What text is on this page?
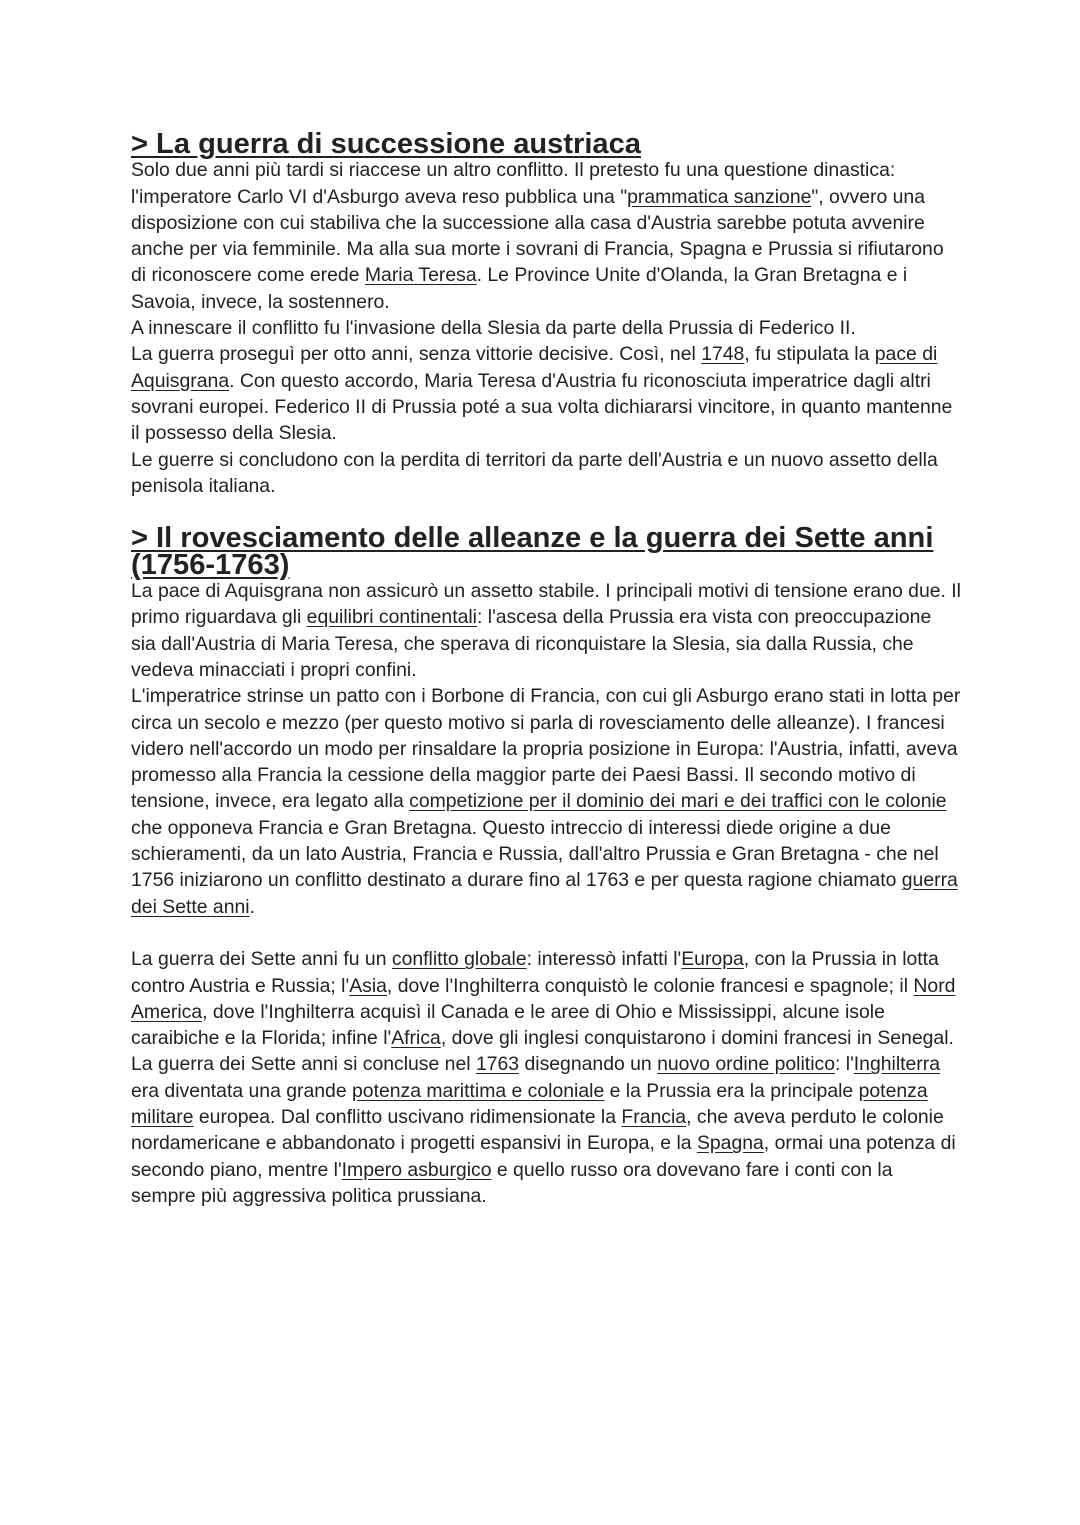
> La guerra di successione austriaca

Solo due anni più tardi si riaccese un altro conflitto. Il pretesto fu una questione dinastica: l'imperatore Carlo VI d'Asburgo aveva reso pubblica una "prammatica sanzione", ovvero una disposizione con cui stabiliva che la successione alla casa d'Austria sarebbe potuta avvenire anche per via femminile. Ma alla sua morte i sovrani di Francia, Spagna e Prussia si rifiutarono di riconoscere come erede Maria Teresa. Le Province Unite d'Olanda, la Gran Bretagna e i Savoia, invece, la sostennero.

A innescare il conflitto fu l'invasione della Slesia da parte della Prussia di Federico II.

La guerra proseguì per otto anni, senza vittorie decisive. Così, nel 1748, fu stipulata la pace di Aquisgrana. Con questo accordo, Maria Teresa d'Austria fu riconosciuta imperatrice dagli altri sovrani europei. Federico II di Prussia poté a sua volta dichiararsi vincitore, in quanto mantenne il possesso della Slesia.

Le guerre si concludono con la perdita di territori da parte dell'Austria e un nuovo assetto della penisola italiana.

> Il rovesciamento delle alleanze e la guerra dei Sette anni (1756-1763)

La pace di Aquisgrana non assicurò un assetto stabile. I principali motivi di tensione erano due. Il primo riguardava gli equilibri continentali: l'ascesa della Prussia era vista con preoccupazione sia dall'Austria di Maria Teresa, che sperava di riconquistare la Slesia, sia dalla Russia, che vedeva minacciati i propri confini.

L'imperatrice strinse un patto con i Borbone di Francia, con cui gli Asburgo erano stati in lotta per circa un secolo e mezzo (per questo motivo si parla di rovesciamento delle alleanze). I francesi videro nell'accordo un modo per rinsaldare la propria posizione in Europa: l'Austria, infatti, aveva promesso alla Francia la cessione della maggior parte dei Paesi Bassi. Il secondo motivo di tensione, invece, era legato alla competizione per il dominio dei mari e dei traffici con le colonie che opponeva Francia e Gran Bretagna. Questo intreccio di interessi diede origine a due schieramenti, da un lato Austria, Francia e Russia, dall'altro Prussia e Gran Bretagna - che nel 1756 iniziarono un conflitto destinato a durare fino al 1763 e per questa ragione chiamato guerra dei Sette anni.

La guerra dei Sette anni fu un conflitto globale: interessò infatti l'Europa, con la Prussia in lotta contro Austria e Russia; l'Asia, dove l'Inghilterra conquistò le colonie francesi e spagnole; il Nord America, dove l'Inghilterra acquisì il Canada e le aree di Ohio e Mississippi, alcune isole caraibiche e la Florida; infine l'Africa, dove gli inglesi conquistarono i domini francesi in Senegal.

La guerra dei Sette anni si concluse nel 1763 disegnando un nuovo ordine politico: l'Inghilterra era diventata una grande potenza marittima e coloniale e la Prussia era la principale potenza militare europea. Dal conflitto uscivano ridimensionate la Francia, che aveva perduto le colonie nordamericane e abbandonato i progetti espansivi in Europa, e la Spagna, ormai una potenza di secondo piano, mentre l'Impero asburgico e quello russo ora dovevano fare i conti con la sempre più aggressiva politica prussiana.
